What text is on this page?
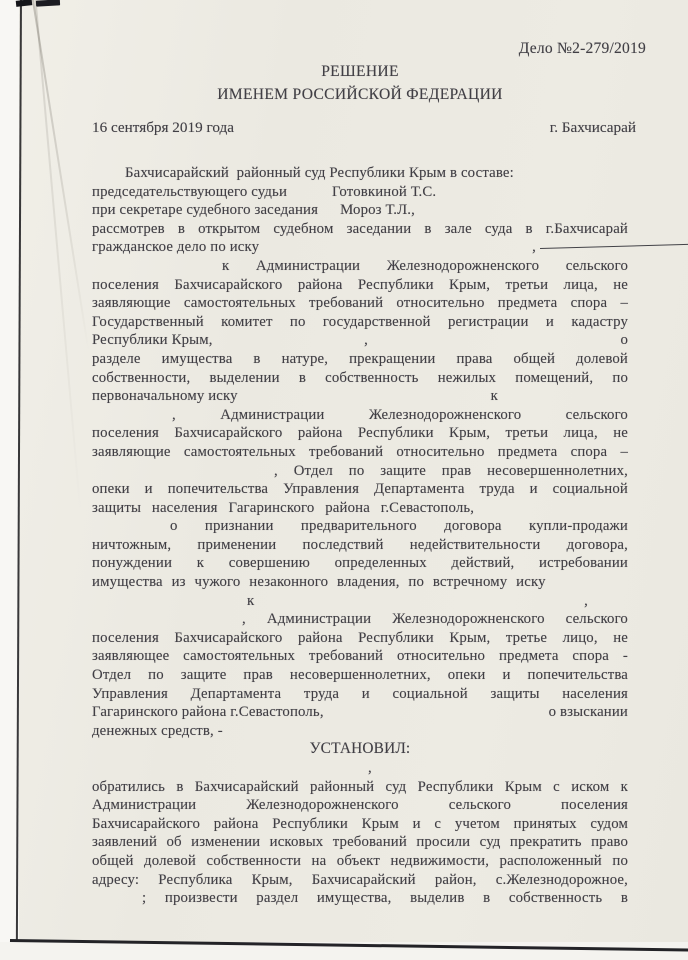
Дело №2-279/2019
РЕШЕНИЕ
ИМЕНЕМ РОССИЙСКОЙ ФЕДЕРАЦИИ
16 сентября 2019 года	г. Бахчисарай
Бахчисарайский  районный суд Республики Крым в составе:
председательствующего судьи	Готовкиной Т.С.
при секретаре судебного заседания Мороз Т.Л.,
рассмотрев в открытом судебном заседании в зале суда в г.Бахчисарай
гражданское дело по иску	,
к Администрации Железнодорожненского сельского
поселения Бахчисарайского района Республики Крым, третьи лица, не
заявляющие самостоятельных требований относительно предмета спора –
Государственный комитет по государственной регистрации и кадастру
Республики Крым,	,	о
разделе имущества в натуре, прекращении права общей долевой
собственности, выделении в собственность нежилых помещений, по
первоначальному иску	к
, Администрации Железнодорожненского сельского
поселения Бахчисарайского района Республики Крым, третьи лица, не
заявляющие самостоятельных требований относительно предмета спора –
, Отдел по защите прав несовершеннолетних,
опеки и попечительства Управления Департамента труда и социальной
защиты населения Гагаринского района г.Севастополь,
о признании предварительного договора купли-продажи
ничтожным, применении последствий недействительности договора,
понуждении к совершению определенных действий, истребовании
имущества из чужого незаконного владения, по встречному иску
к	,
, Администрации Железнодорожненского сельского
поселения Бахчисарайского района Республики Крым, третье лицо, не
заявляющее самостоятельных требований относительно предмета спора -
Отдел по защите прав несовершеннолетних, опеки и попечительства
Управления Департамента труда и социальной защиты населения
Гагаринского района г.Севастополь,	о взыскании
денежных средств, -
УСТАНОВИЛ:
,
обратились в Бахчисарайский районный суд Республики Крым с иском к
Администрации Железнодорожненского сельского поселения
Бахчисарайского района Республики Крым и с учетом принятых судом
заявлений об изменении исковых требований просили суд прекратить право
общей долевой собственности на объект недвижимости, расположенный по
адресу: Республика Крым, Бахчисарайский район, с.Железнодорожное,
; произвести раздел имущества, выделив в собственность в
